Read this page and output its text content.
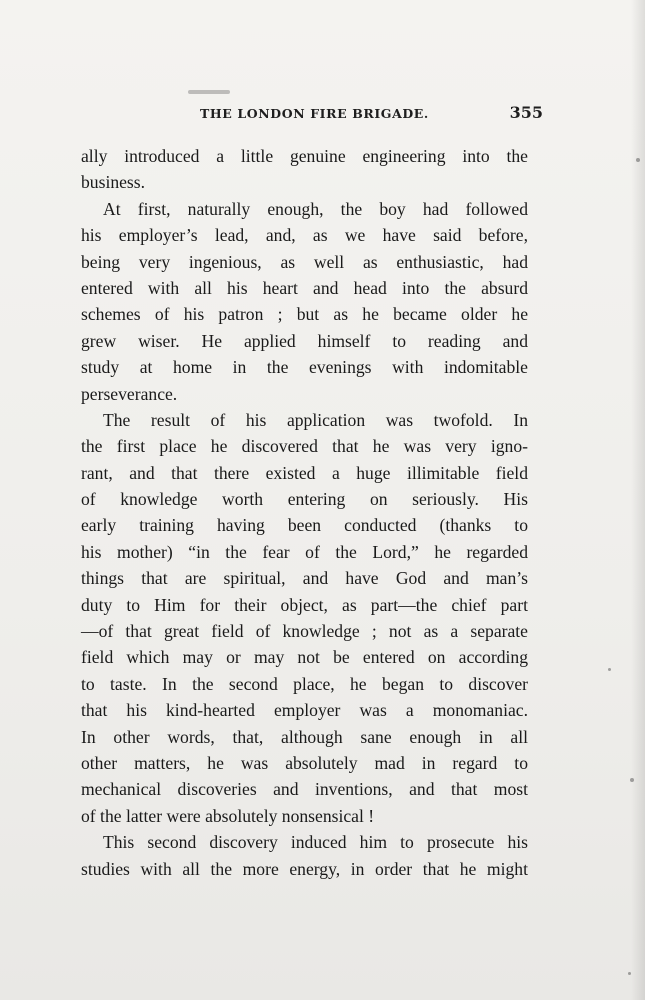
THE LONDON FIRE BRIGADE.	355
ally introduced a little genuine engineering into the
business.
At first, naturally enough, the boy had followed
his employer’s lead, and, as we have said before,
being very ingenious, as well as enthusiastic, had
entered with all his heart and head into the absurd
schemes of his patron ; but as he became older he
grew wiser. He applied himself to reading and
study at home in the evenings with indomitable
perseverance.
The result of his application was twofold. In
the first place he discovered that he was very igno-
rant, and that there existed a huge illimitable field
of knowledge worth entering on seriously. His
early training having been conducted (thanks to
his mother) “in the fear of the Lord,” he regarded
things that are spiritual, and have God and man’s
duty to Him for their object, as part—the chief part
—of that great field of knowledge ; not as a separate
field which may or may not be entered on according
to taste. In the second place, he began to discover
that his kind-hearted employer was a monomaniac.
In other words, that, although sane enough in all
other matters, he was absolutely mad in regard to
mechanical discoveries and inventions, and that most
of the latter were absolutely nonsensical !
This second discovery induced him to prosecute his
studies with all the more energy, in order that he might
